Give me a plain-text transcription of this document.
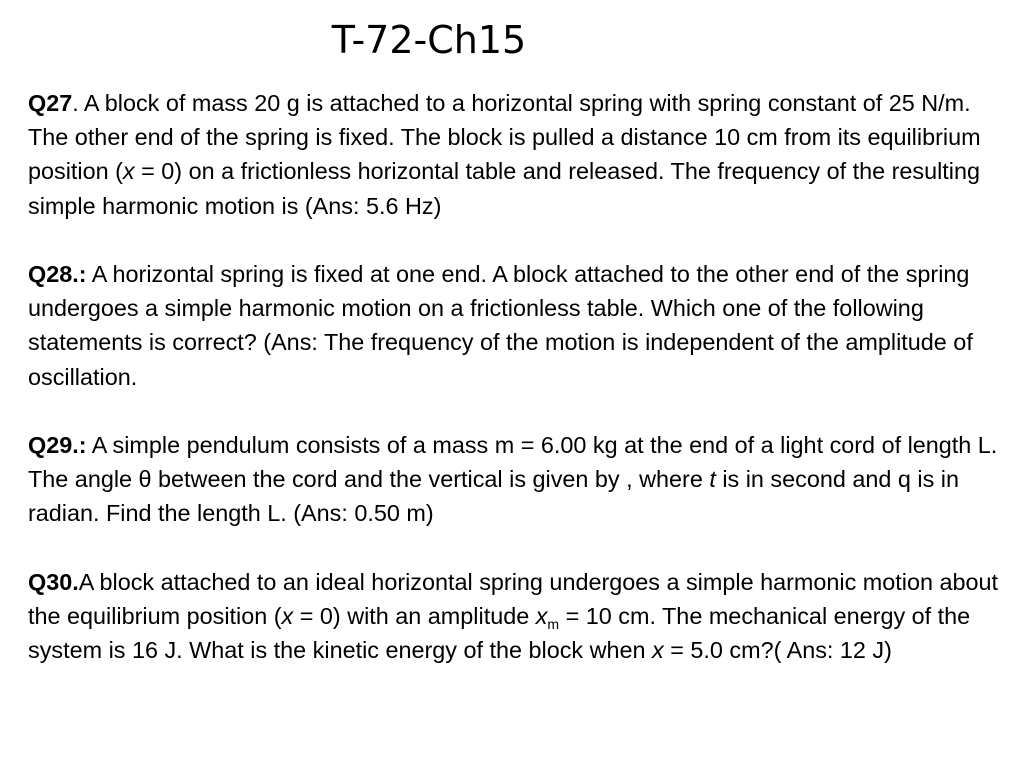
T-72-Ch15

Q27. A block of mass 20 g is attached to a horizontal spring with spring constant of 25 N/m. The other end of the spring is fixed. The block is pulled a distance 10 cm from its equilibrium position (x = 0) on a frictionless horizontal table and released. The frequency of the resulting simple harmonic motion is (Ans: 5.6 Hz)

Q28.: A horizontal spring is fixed at one end. A block attached to the other end of the spring undergoes a simple harmonic motion on a frictionless table. Which one of the following statements is correct? (Ans: The frequency of the motion is independent of the amplitude of oscillation.

Q29.: A simple pendulum consists of a mass m = 6.00 kg at the end of a light cord of length L. The angle θ between the cord and the vertical is given by , where t is in second and q is in radian. Find the length L. (Ans: 0.50 m)

Q30.A block attached to an ideal horizontal spring undergoes a simple harmonic motion about the equilibrium position (x = 0) with an amplitude $x_m = 10$ cm. The mechanical energy of the system is 16 J. What is the kinetic energy of the block when x = 5.0 cm?( Ans: 12 J)
